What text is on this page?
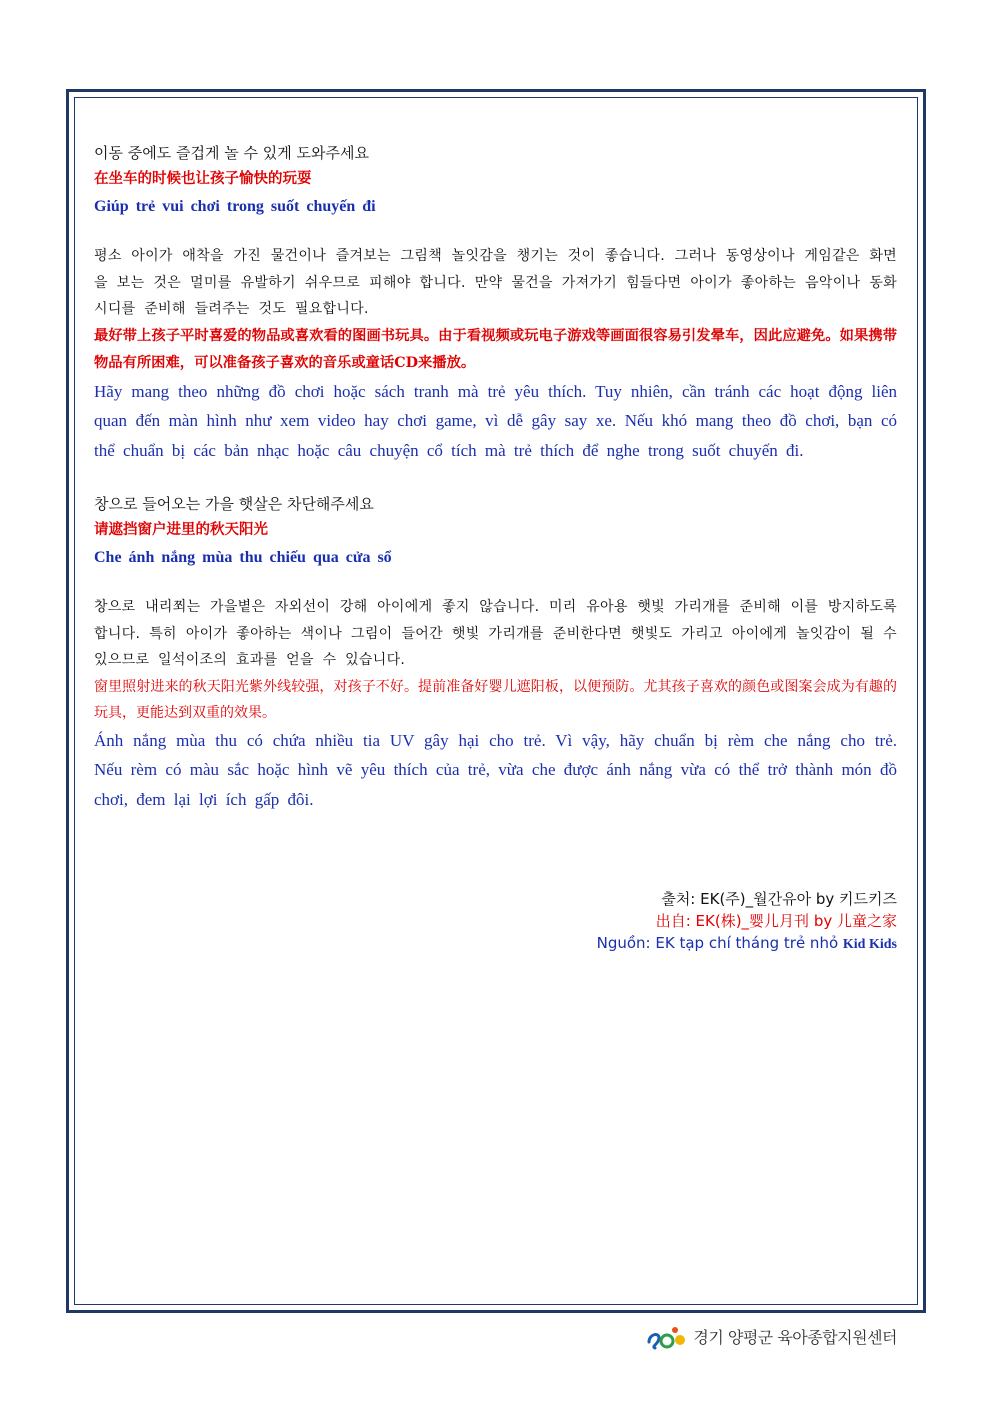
이동 중에도 즐겁게 놀 수 있게 도와주세요
在坐车的时候也让孩子愉快的玩耍
Giúp trẻ vui chơi trong suốt chuyến đi
평소 아이가 애착을 가진 물건이나 즐겨보는 그림책 놀잇감을 챙기는 것이 좋습니다. 그러나 동영상이나 게임같은 화면을 보는 것은 멀미를 유발하기 쉬우므로 피해야 합니다. 만약 물건을 가져가기 힘들다면 아이가 좋아하는 음악이나 동화 시디를 준비해 들려주는 것도 필요합니다.
最好带上孩子平时喜爱的物品或喜欢看的图画书玩具。由于看视频或玩电子游戏等画面很容易引发晕车，因此应避免。如果携带物品有所困难，可以准备孩子喜欢的音乐或童话CD来播放。
Hãy mang theo những đồ chơi hoặc sách tranh mà trẻ yêu thích. Tuy nhiên, cần tránh các hoạt động liên quan đến màn hình như xem video hay chơi game, vì dễ gây say xe. Nếu khó mang theo đồ chơi, bạn có thể chuẩn bị các bản nhạc hoặc câu chuyện cổ tích mà trẻ thích để nghe trong suốt chuyến đi.
창으로 들어오는 가을 햇살은 차단해주세요
请遮挡窗户进里的秋天阳光
Che ánh nắng mùa thu chiếu qua cửa sổ
창으로 내리쬐는 가을볕은 자외선이 강해 아이에게 좋지 않습니다. 미리 유아용 햇빛 가리개를 준비해 이를 방지하도록 합니다. 특히 아이가 좋아하는 색이나 그림이 들어간 햇빛 가리개를 준비한다면 햇빛도 가리고 아이에게 놀잇감이 될 수 있으므로 일석이조의 효과를 얻을 수 있습니다.
窗里照射进来的秋天阳光紫外线较强，对孩子不好。提前准备好婴儿遮阳板，以便预防。尤其孩子喜欢的颜色或图案会成为有趣的玩具，更能达到双重的效果。
Ánh nắng mùa thu có chứa nhiều tia UV gây hại cho trẻ. Vì vậy, hãy chuẩn bị rèm che nắng cho trẻ. Nếu rèm có màu sắc hoặc hình vẽ yêu thích của trẻ, vừa che được ánh nắng vừa có thể trở thành món đồ chơi, đem lại lợi ích gấp đôi.
출처: EK(주)_월간유아 by 키드키즈
出自: EK(株)_婴儿月刊 by 儿童之家
Nguồn: EK tạp chí tháng trẻ nhỏ Kid Kids
경기 양평군 육아종합지원센터
